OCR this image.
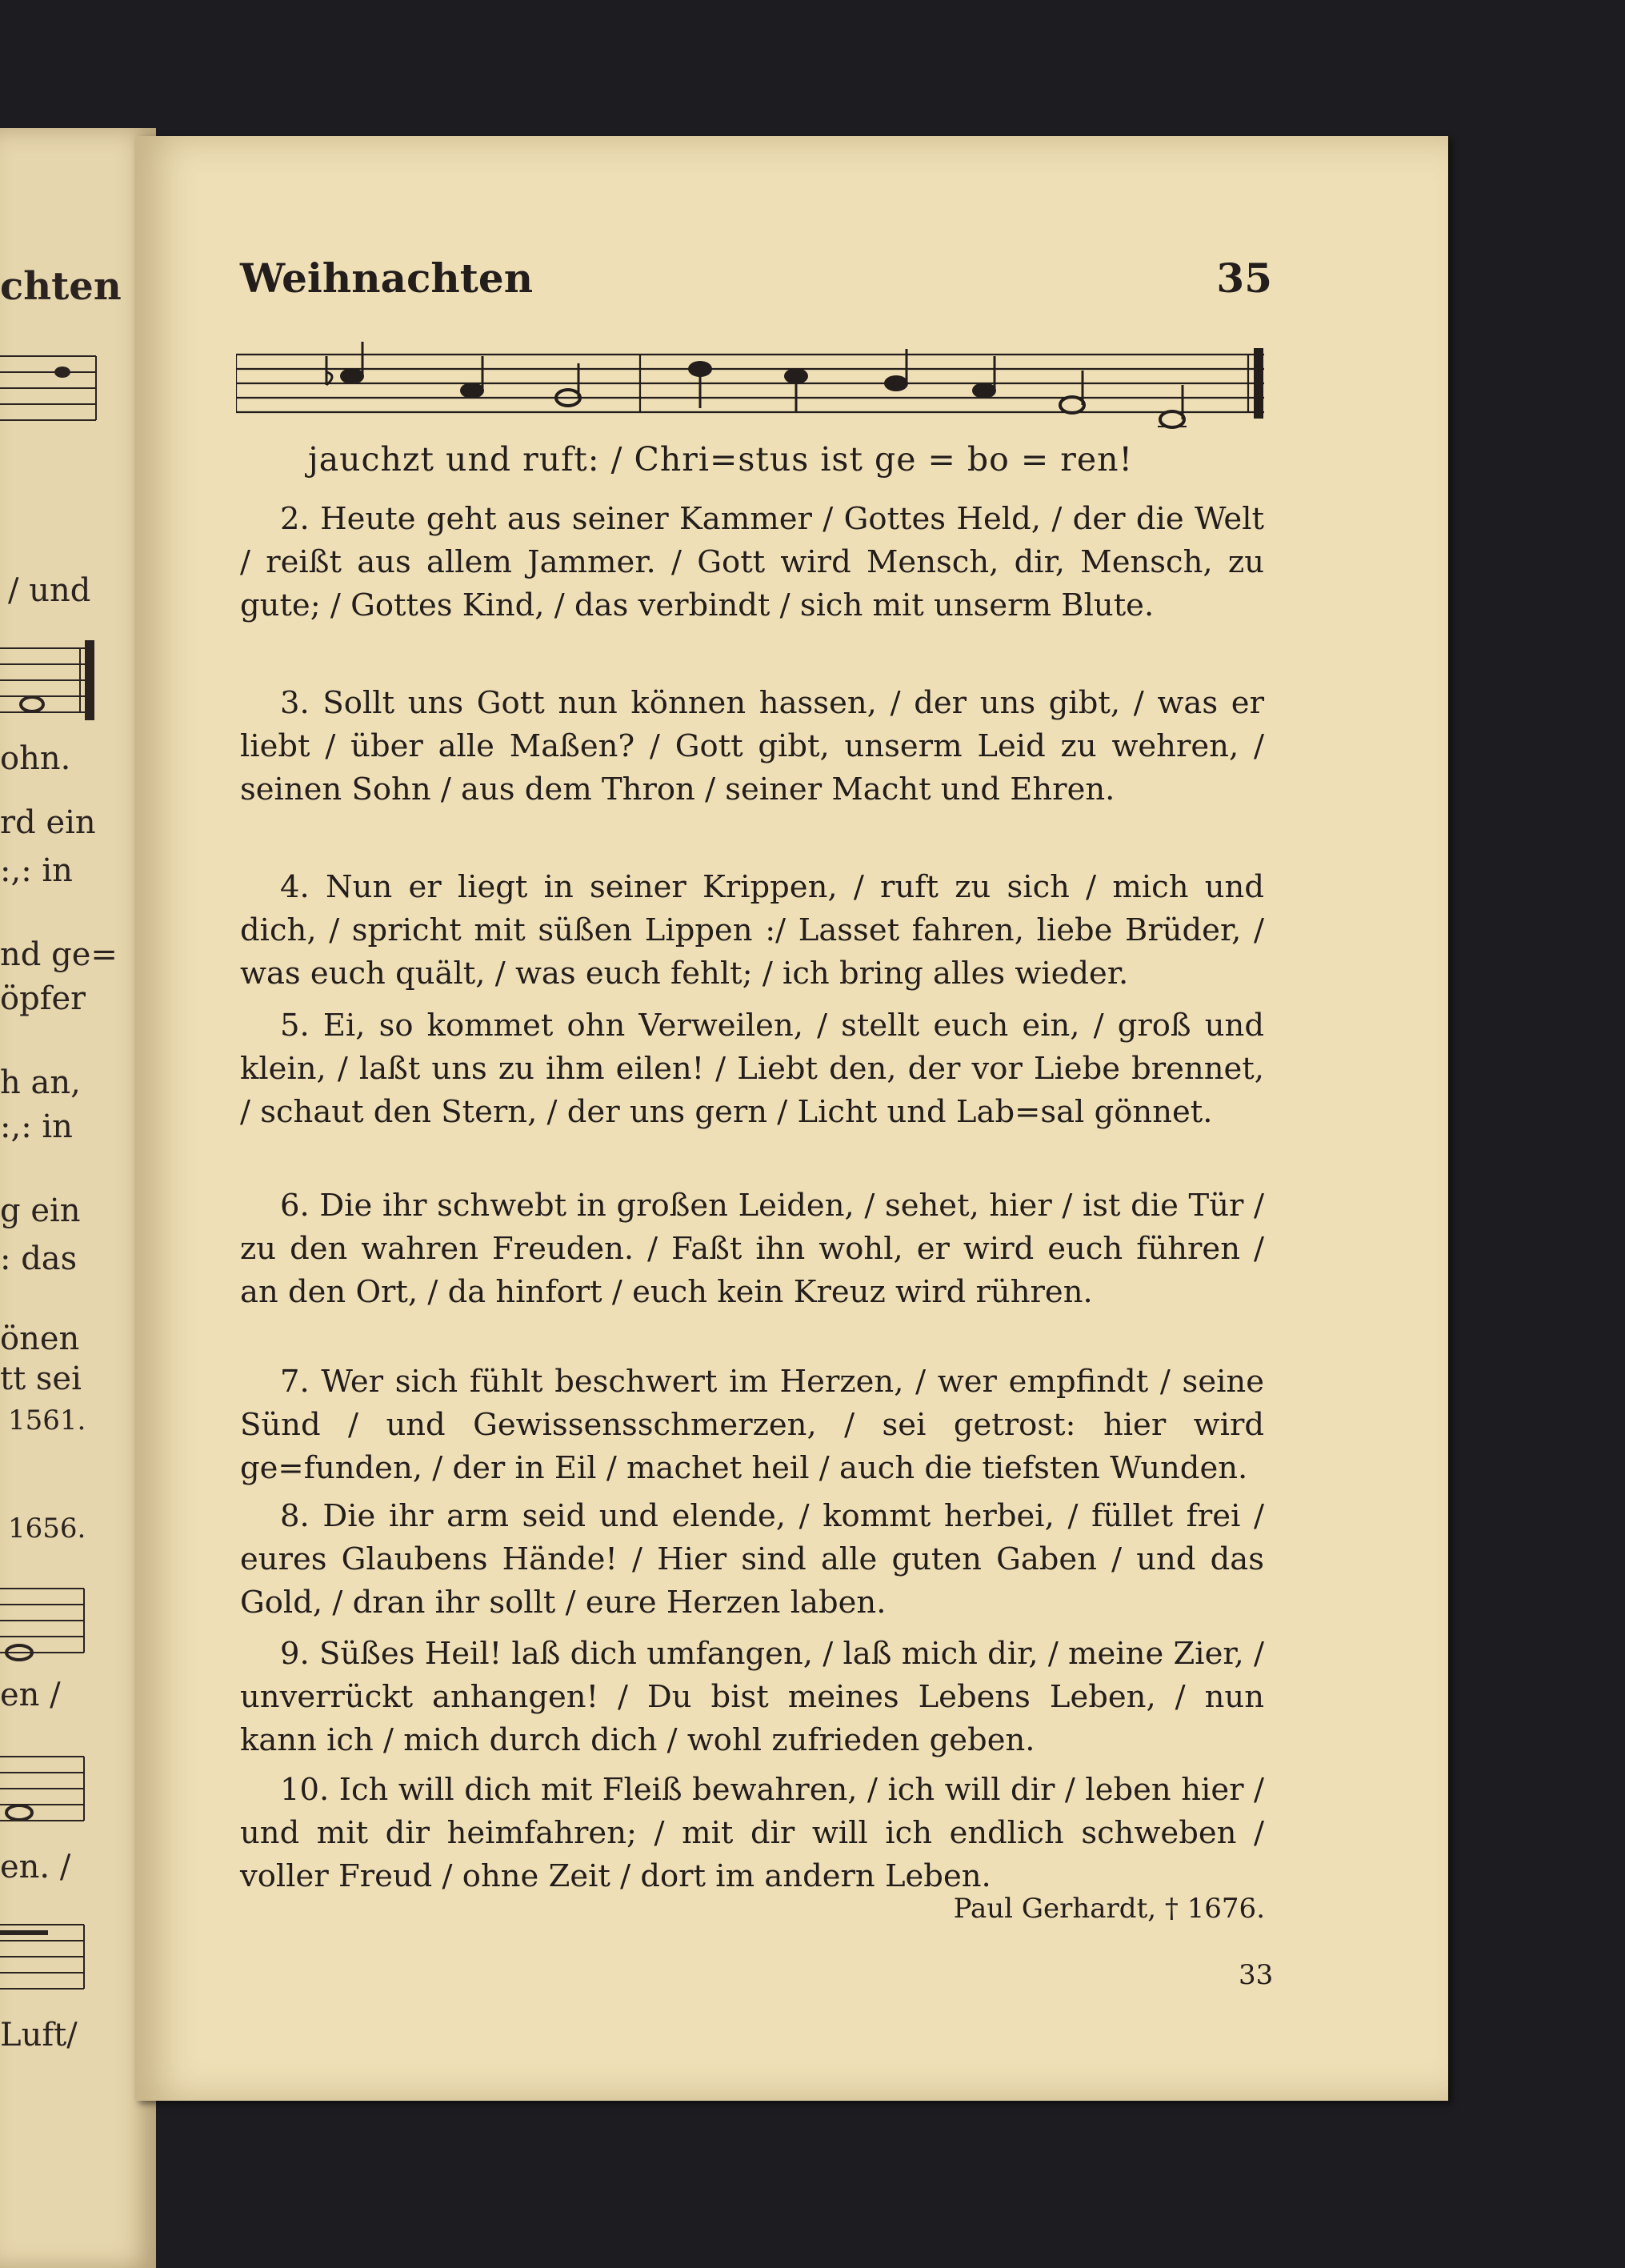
chten
/ und
ohn.
rd ein
:,: in
nd ge=
öpfer
h an,
:,: in
g ein
: das
önen
tt sei
1561.
1656.
en /
en. /
Luft/
Weihnachten	35
jauchzt und ruft: / Chri=stus ist ge = bo = ren!
2. Heute geht aus seiner Kammer / Gottes Held, / der die Welt / reißt aus allem Jammer. / Gott wird Mensch, dir, Mensch, zu gute; / Gottes Kind, / das verbindt / sich mit unserm Blute.
3. Sollt uns Gott nun können hassen, / der uns gibt, / was er liebt / über alle Maßen? / Gott gibt, unserm Leid zu wehren, / seinen Sohn / aus dem Thron / seiner Macht und Ehren.
4. Nun er liegt in seiner Krippen, / ruft zu sich / mich und dich, / spricht mit süßen Lippen :/ Lasset fahren, liebe Brüder, / was euch quält, / was euch fehlt; / ich bring alles wieder.
5. Ei, so kommet ohn Verweilen, / stellt euch ein, / groß und klein, / laßt uns zu ihm eilen! / Liebt den, der vor Liebe brennet, / schaut den Stern, / der uns gern / Licht und Lab=sal gönnet.
6. Die ihr schwebt in großen Leiden, / sehet, hier / ist die Tür / zu den wahren Freuden. / Faßt ihn wohl, er wird euch führen / an den Ort, / da hinfort / euch kein Kreuz wird rühren.
7. Wer sich fühlt beschwert im Herzen, / wer empfindt / seine Sünd / und Gewissensschmerzen, / sei getrost: hier wird ge=funden, / der in Eil / machet heil / auch die tiefsten Wunden.
8. Die ihr arm seid und elende, / kommt herbei, / füllet frei / eures Glaubens Hände! / Hier sind alle guten Gaben / und das Gold, / dran ihr sollt / eure Herzen laben.
9. Süßes Heil! laß dich umfangen, / laß mich dir, / meine Zier, / unverrückt anhangen! / Du bist meines Lebens Leben, / nun kann ich / mich durch dich / wohl zufrieden geben.
10. Ich will dich mit Fleiß bewahren, / ich will dir / leben hier / und mit dir heimfahren; / mit dir will ich endlich schweben / voller Freud / ohne Zeit / dort im andern Leben.
Paul Gerhardt, † 1676.
33
